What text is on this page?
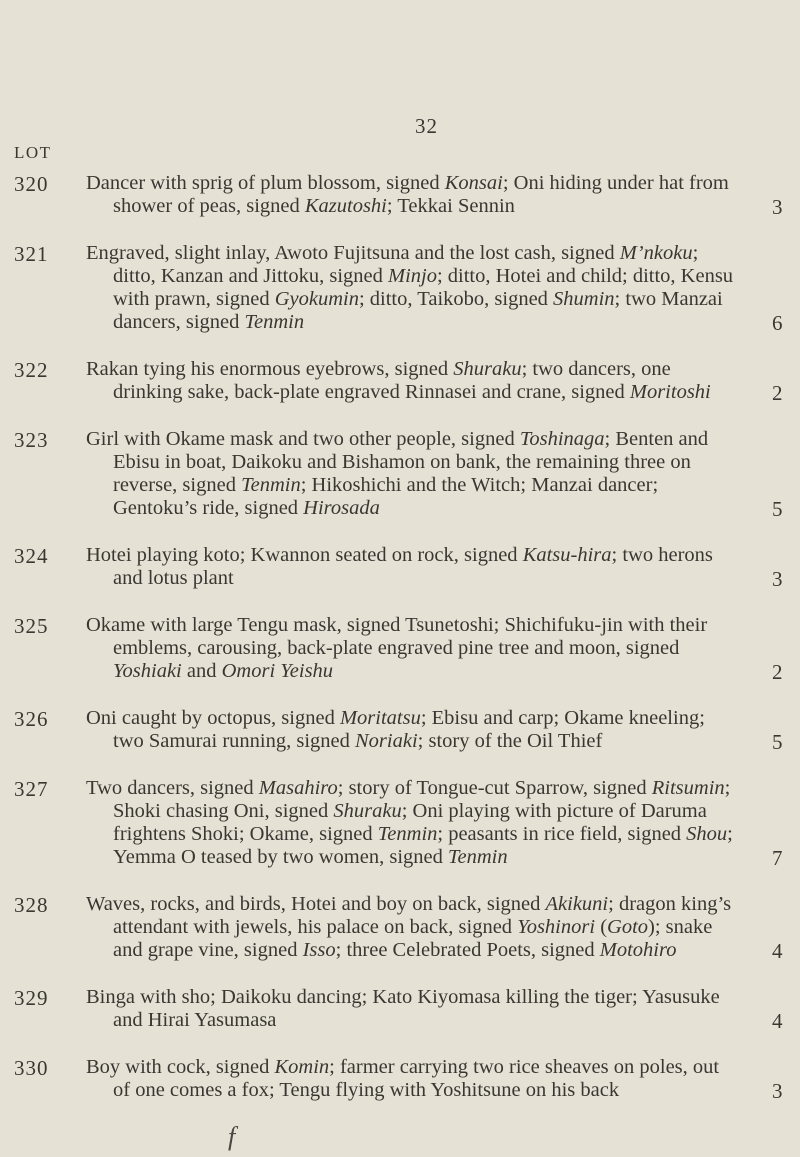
32
LOT
320 Dancer with sprig of plum blossom, signed Konsai; Oni hiding under hat from shower of peas, signed Kazutoshi; Tekkai Sennin	3
321 Engraved, slight inlay, Awoto Fujitsuna and the lost cash, signed M’nkoku; ditto, Kanzan and Jittoku, signed Minjo; ditto, Hotei and child; ditto, Kensu with prawn, signed Gyokumin; ditto, Taikobo, signed Shumin; two Manzai dancers, signed Tenmin	6
322 Rakan tying his enormous eyebrows, signed Shuraku; two dancers, one drinking sake, back-plate engraved Rinnasei and crane, signed Moritoshi	2
323 Girl with Okame mask and two other people, signed Toshinaga; Benten and Ebisu in boat, Daikoku and Bishamon on bank, the remaining three on reverse, signed Tenmin; Hikoshichi and the Witch; Manzai dancer; Gentoku’s ride, signed Hirosada	5
324 Hotei playing koto; Kwannon seated on rock, signed Katsu-hira; two herons and lotus plant	3
325 Okame with large Tengu mask, signed Tsunetoshi; Shichifuku-jin with their emblems, carousing, back-plate engraved pine tree and moon, signed Yoshiaki and Omori Yeishu	2
326 Oni caught by octopus, signed Moritatsu; Ebisu and carp; Okame kneeling; two Samurai running, signed Noriaki; story of the Oil Thief	5
327 Two dancers, signed Masahiro; story of Tongue-cut Sparrow, signed Ritsumin; Shoki chasing Oni, signed Shuraku; Oni playing with picture of Daruma frightens Shoki; Okame, signed Tenmin; peasants in rice field, signed Shou; Yemma O teased by two women, signed Tenmin	7
328 Waves, rocks, and birds, Hotei and boy on back, signed Akikuni; dragon king’s attendant with jewels, his palace on back, signed Yoshinori (Goto); snake and grape vine, signed Isso; three Celebrated Poets, signed Motohiro	4
329 Binga with sho; Daikoku dancing; Kato Kiyomasa killing the tiger; Yasusuke and Hirai Yasumasa	4
330 Boy with cock, signed Komin; farmer carrying two rice sheaves on poles, out of one comes a fox; Tengu flying with Yoshitsune on his back	3
f
